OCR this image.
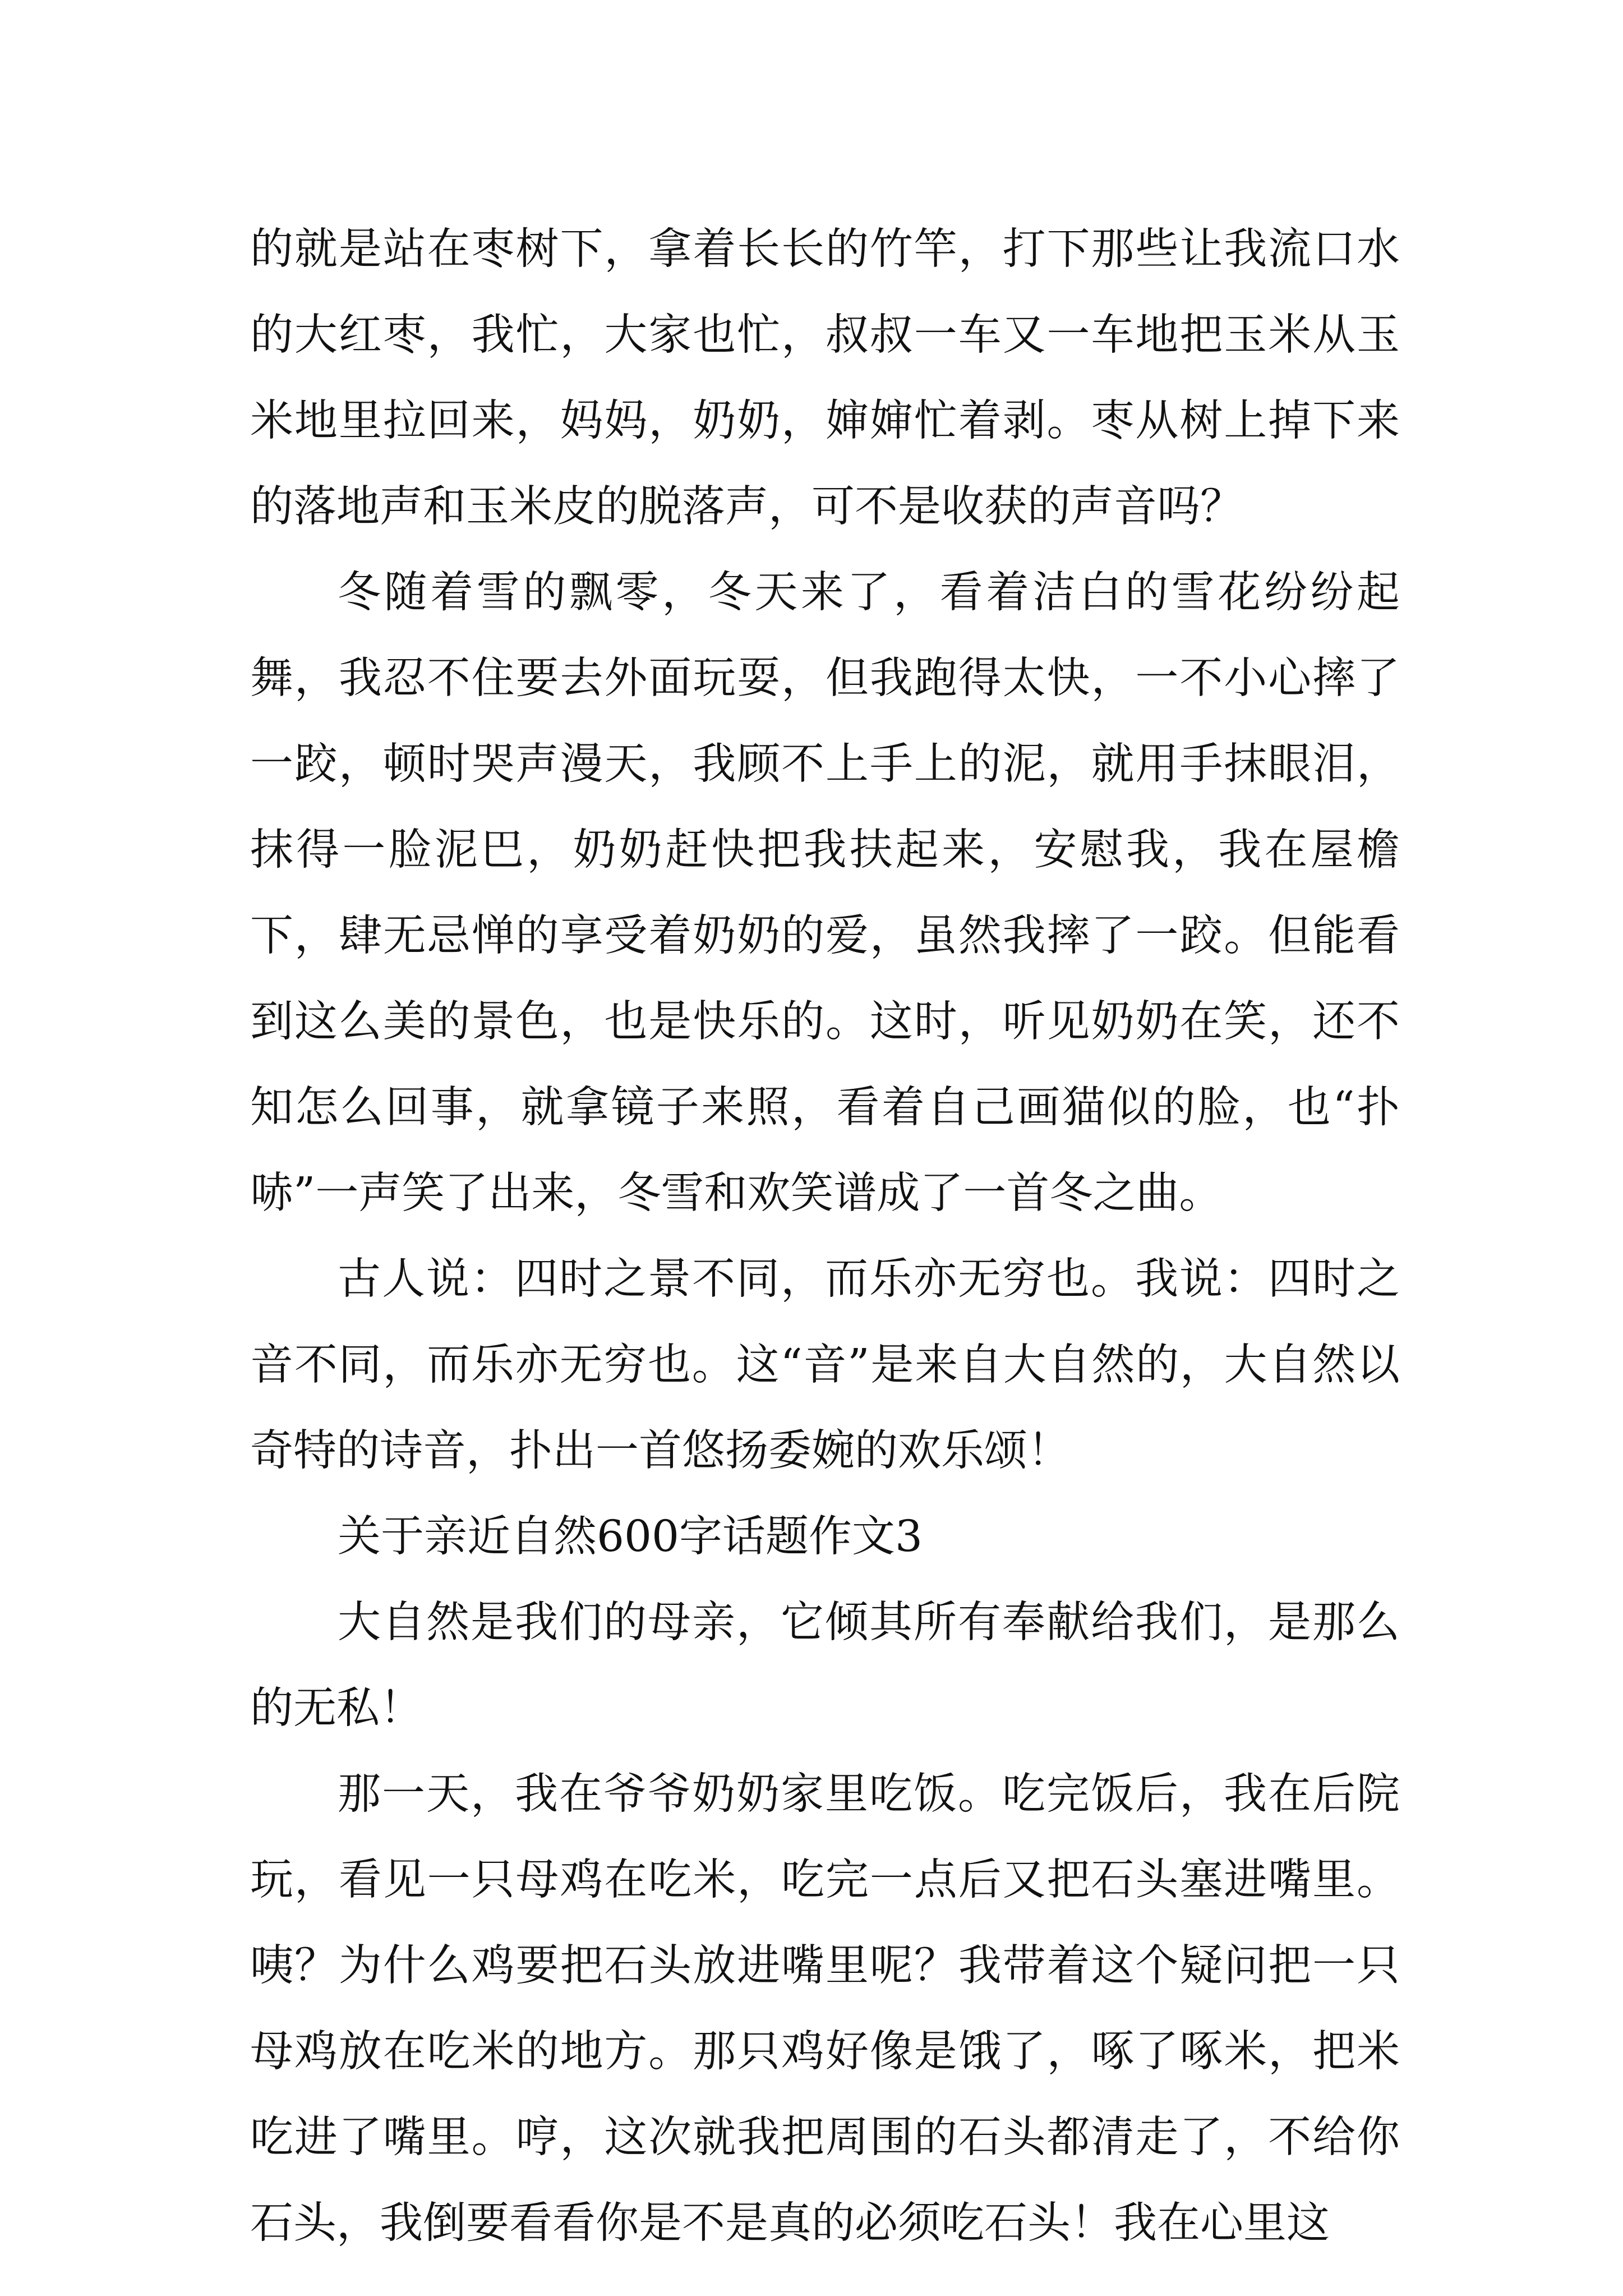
的就是站在枣树下，拿着长长的竹竿，打下那些让我流口水的大红枣，我忙，大家也忙，叔叔一车又一车地把玉米从玉米地里拉回来，妈妈，奶奶，婶婶忙着剥。枣从树上掉下来的落地声和玉米皮的脱落声，可不是收获的声音吗？

冬随着雪的飘零，冬天来了，看着洁白的雪花纷纷起舞，我忍不住要去外面玩耍，但我跑得太快，一不小心摔了一跤，顿时哭声漫天，我顾不上手上的泥，就用手抹眼泪，抹得一脸泥巴，奶奶赶快把我扶起来，安慰我，我在屋檐下，肆无忌惮的享受着奶奶的爱，虽然我摔了一跤。但能看到这么美的景色，也是快乐的。这时，听见奶奶在笑，还不知怎么回事，就拿镜子来照，看着自己画猫似的脸，也“扑哧”一声笑了出来，冬雪和欢笑谱成了一首冬之曲。

古人说：四时之景不同，而乐亦无穷也。我说：四时之音不同，而乐亦无穷也。这“音”是来自大自然的，大自然以奇特的诗音，扑出一首悠扬委婉的欢乐颂！

关于亲近自然600字话题作文3

大自然是我们的母亲，它倾其所有奉献给我们，是那么的无私！

那一天，我在爷爷奶奶家里吃饭。吃完饭后，我在后院玩，看见一只母鸡在吃米，吃完一点后又把石头塞进嘴里。咦？为什么鸡要把石头放进嘴里呢？我带着这个疑问把一只母鸡放在吃米的地方。那只鸡好像是饿了，啄了啄米，把米吃进了嘴里。哼，这次就我把周围的石头都清走了，不给你石头，我倒要看看你是不是真的必须吃石头！我在心里这
